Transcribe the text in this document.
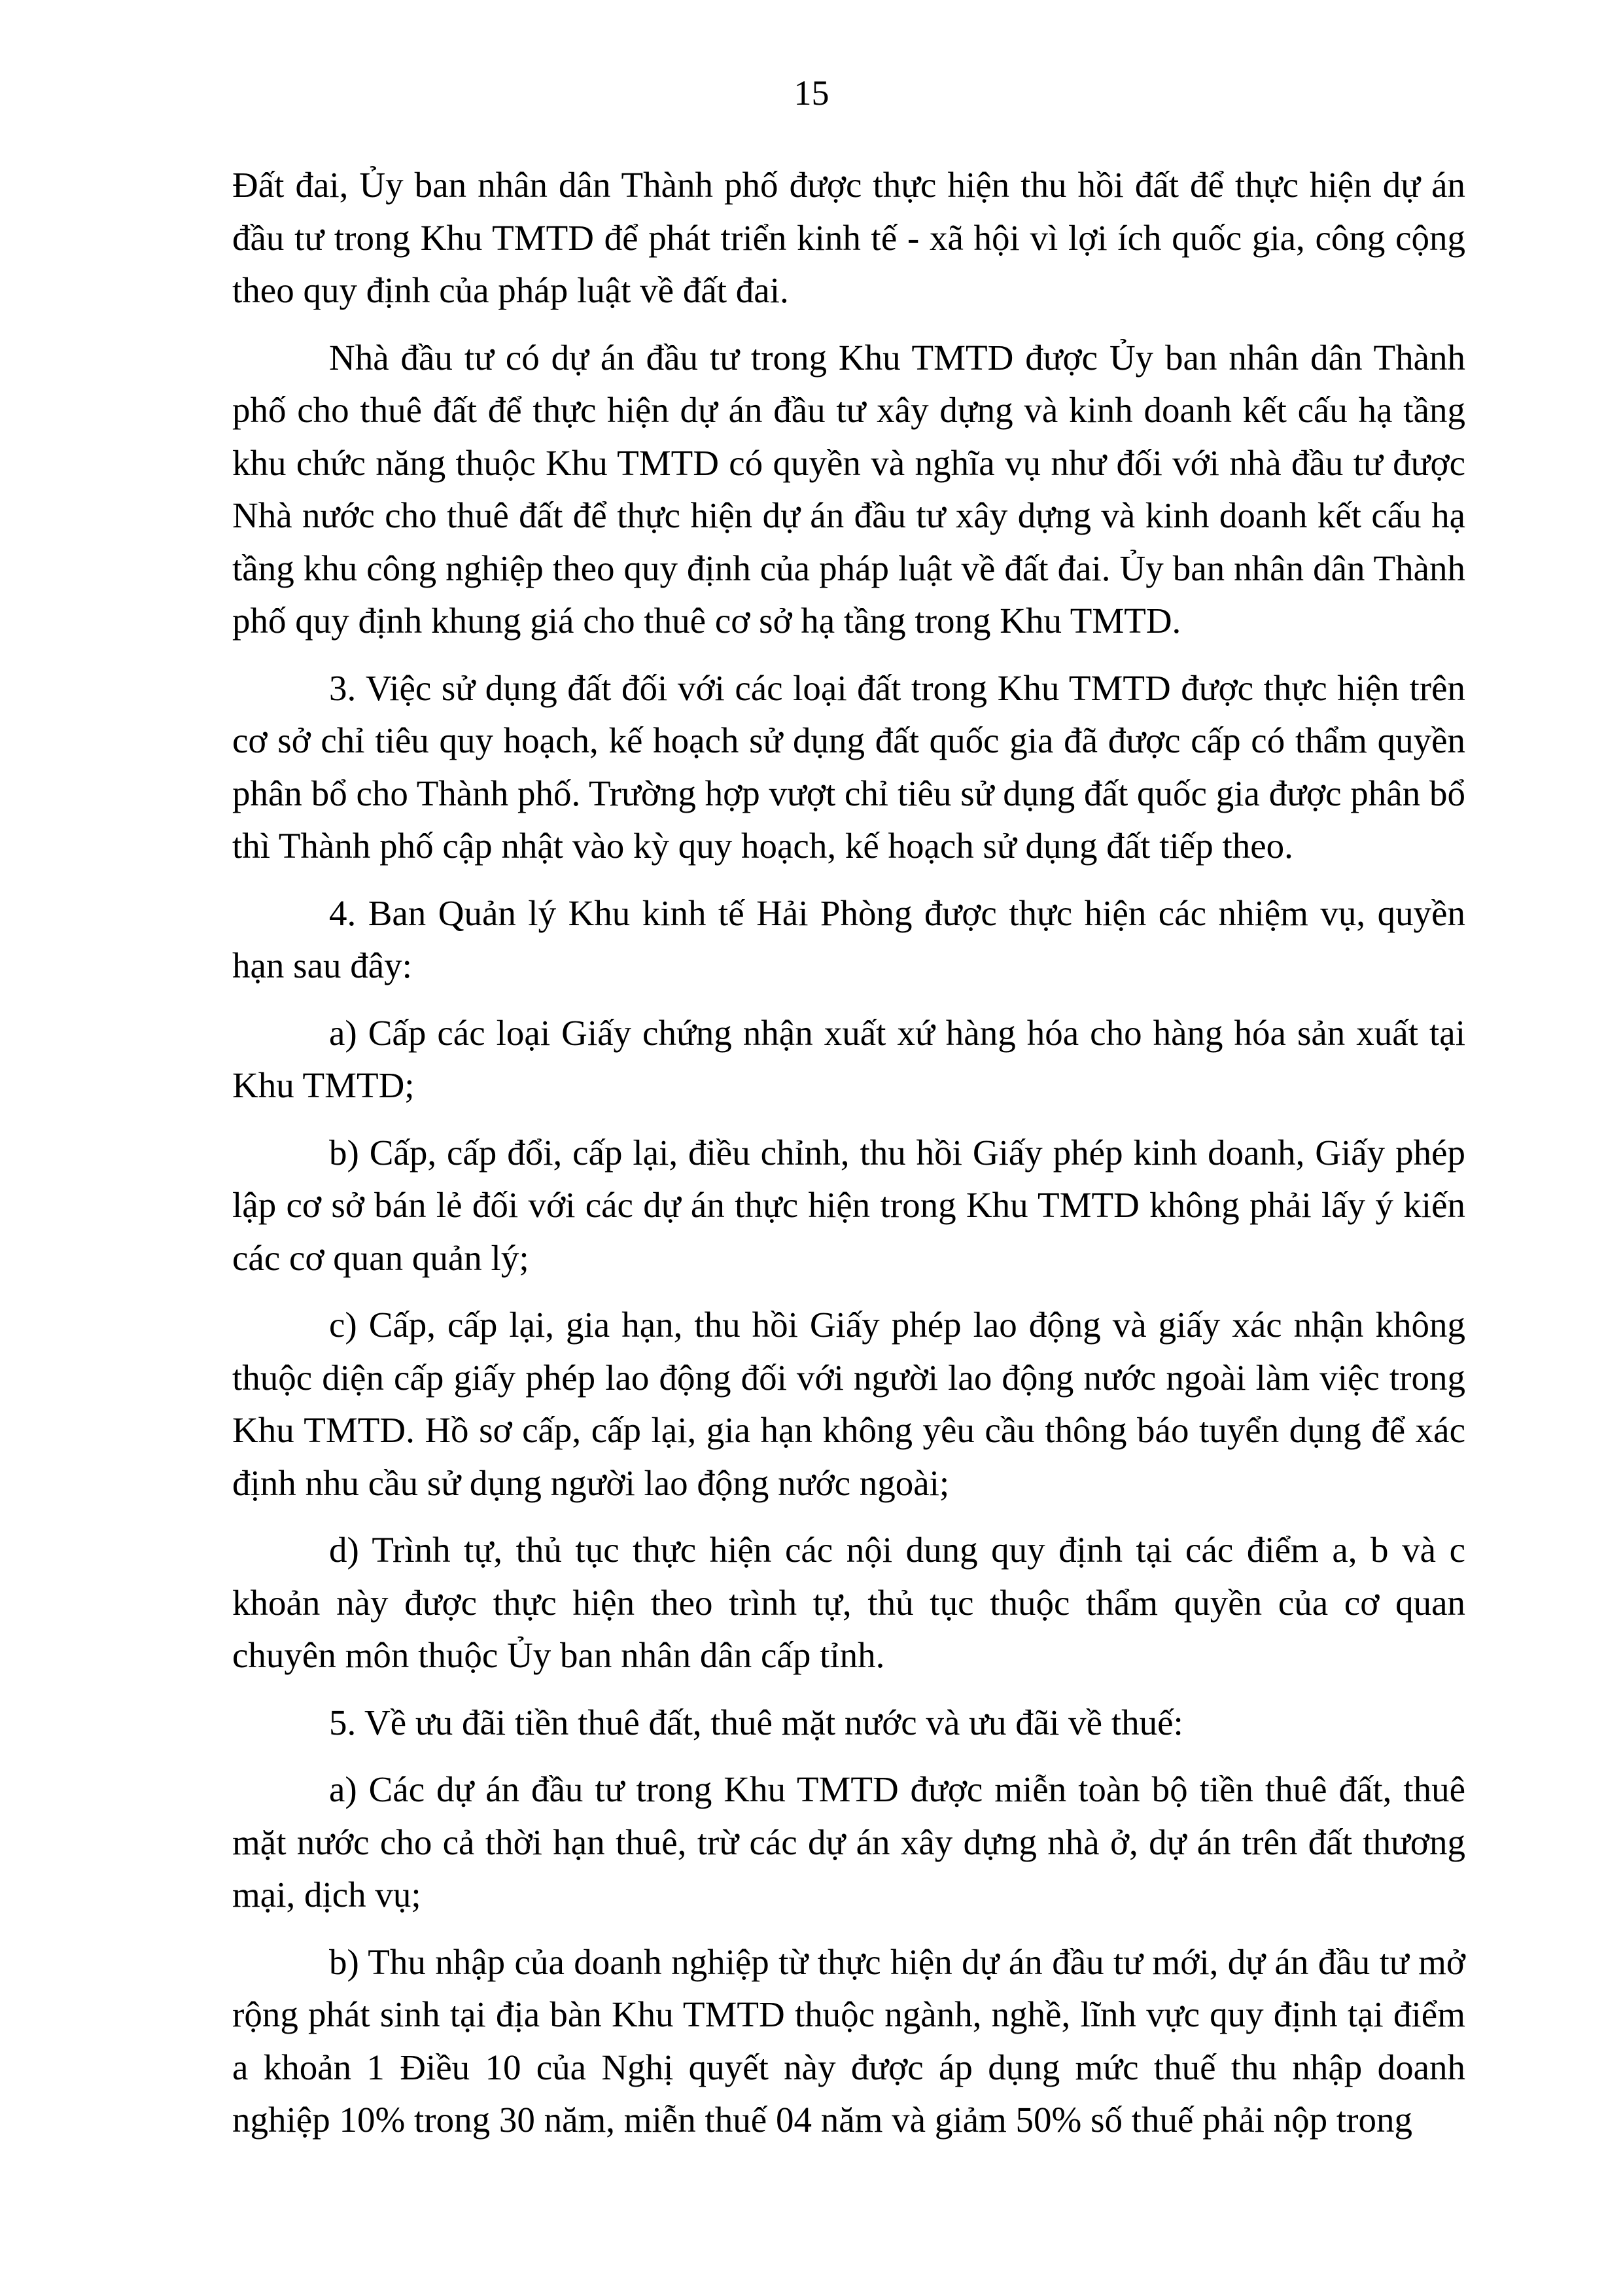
15

Đất đai, Ủy ban nhân dân Thành phố được thực hiện thu hồi đất để thực hiện dự án đầu tư trong Khu TMTD để phát triển kinh tế - xã hội vì lợi ích quốc gia, công cộng theo quy định của pháp luật về đất đai.

Nhà đầu tư có dự án đầu tư trong Khu TMTD được Ủy ban nhân dân Thành phố cho thuê đất để thực hiện dự án đầu tư xây dựng và kinh doanh kết cấu hạ tầng khu chức năng thuộc Khu TMTD có quyền và nghĩa vụ như đối với nhà đầu tư được Nhà nước cho thuê đất để thực hiện dự án đầu tư xây dựng và kinh doanh kết cấu hạ tầng khu công nghiệp theo quy định của pháp luật về đất đai. Ủy ban nhân dân Thành phố quy định khung giá cho thuê cơ sở hạ tầng trong Khu TMTD.

3. Việc sử dụng đất đối với các loại đất trong Khu TMTD được thực hiện trên cơ sở chỉ tiêu quy hoạch, kế hoạch sử dụng đất quốc gia đã được cấp có thẩm quyền phân bổ cho Thành phố. Trường hợp vượt chỉ tiêu sử dụng đất quốc gia được phân bổ thì Thành phố cập nhật vào kỳ quy hoạch, kế hoạch sử dụng đất tiếp theo.

4. Ban Quản lý Khu kinh tế Hải Phòng được thực hiện các nhiệm vụ, quyền hạn sau đây:

a) Cấp các loại Giấy chứng nhận xuất xứ hàng hóa cho hàng hóa sản xuất tại Khu TMTD;

b) Cấp, cấp đổi, cấp lại, điều chỉnh, thu hồi Giấy phép kinh doanh, Giấy phép lập cơ sở bán lẻ đối với các dự án thực hiện trong Khu TMTD không phải lấy ý kiến các cơ quan quản lý;

c) Cấp, cấp lại, gia hạn, thu hồi Giấy phép lao động và giấy xác nhận không thuộc diện cấp giấy phép lao động đối với người lao động nước ngoài làm việc trong Khu TMTD. Hồ sơ cấp, cấp lại, gia hạn không yêu cầu thông báo tuyển dụng để xác định nhu cầu sử dụng người lao động nước ngoài;

d) Trình tự, thủ tục thực hiện các nội dung quy định tại các điểm a, b và c khoản này được thực hiện theo trình tự, thủ tục thuộc thẩm quyền của cơ quan chuyên môn thuộc Ủy ban nhân dân cấp tỉnh.

5. Về ưu đãi tiền thuê đất, thuê mặt nước và ưu đãi về thuế:

a) Các dự án đầu tư trong Khu TMTD được miễn toàn bộ tiền thuê đất, thuê mặt nước cho cả thời hạn thuê, trừ các dự án xây dựng nhà ở, dự án trên đất thương mại, dịch vụ;

b) Thu nhập của doanh nghiệp từ thực hiện dự án đầu tư mới, dự án đầu tư mở rộng phát sinh tại địa bàn Khu TMTD thuộc ngành, nghề, lĩnh vực quy định tại điểm a khoản 1 Điều 10 của Nghị quyết này được áp dụng mức thuế thu nhập doanh nghiệp 10% trong 30 năm, miễn thuế 04 năm và giảm 50% số thuế phải nộp trong
